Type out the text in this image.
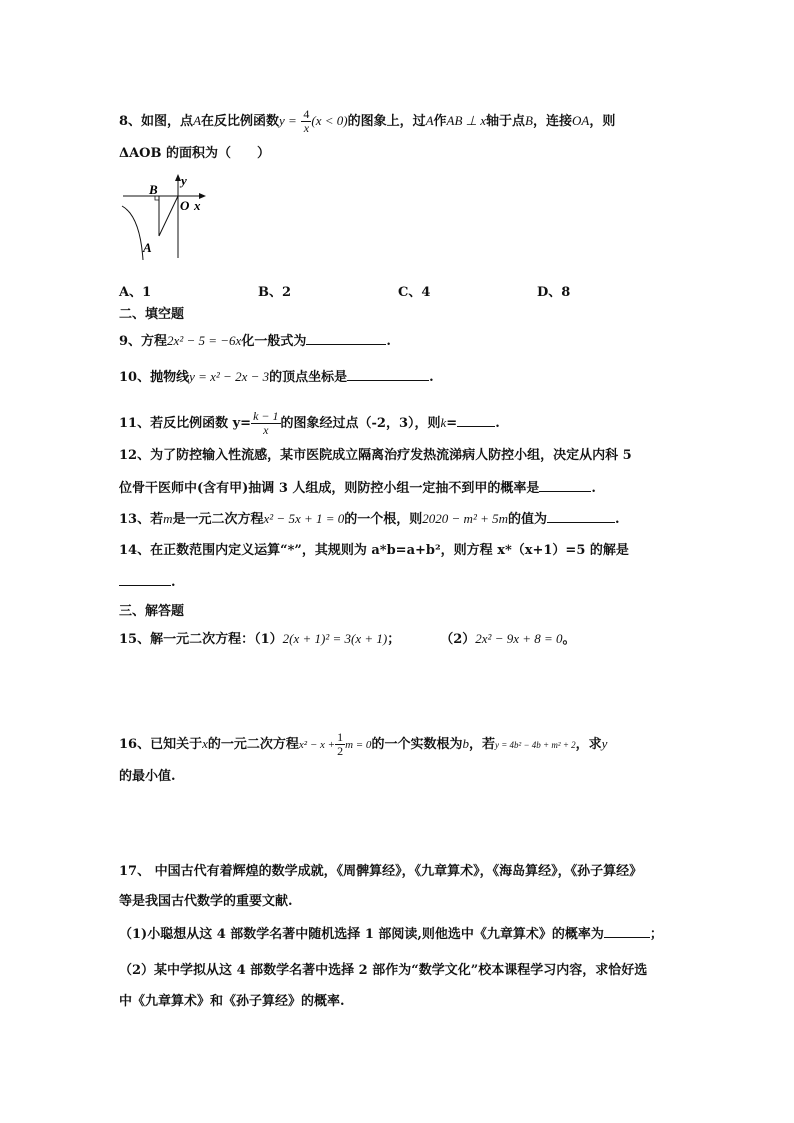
8、如图，点A在反比例函数$y = \frac{4}{x} (x < 0)$的图象上，过A作AB ⊥ x轴于点B，连接OA，则
ΔAOB 的面积为（　　）
B
y
O x
A
A、1	B、2	C、4	D、8
二、填空题
9、方程2x² − 5 = −6x化一般式为	.
10、抛物线y = x² − 2x − 3的顶点坐标是	.
11、若反比例函数 $y= \frac{k - 1}{x}$ 的图象经过点（-2，3），则k=	.
12、为了防控输入性流感，某市医院成立隔离治疗发热流涕病人防控小组，决定从内科 5
位骨干医师中(含有甲)抽调 3 人组成，则防控小组一定抽不到甲的概率是	.
13、若m是一元二次方程x² − 5x + 1 = 0的一个根，则2020 − m² + 5m的值为	.
14、在正数范围内定义运算“*”，其规则为 a*b=a+b²，则方程 x*（x+1）=5 的解是
.
三、解答题
15、解一元二次方程：（1）2(x + 1)² = 3(x + 1)；	（2）2x² − 9x + 8 = 0。
16、已知关于x的一元二次方程$x^2 - x + \frac{1}{2}$ m = 0的一个实数根为b，若y = 4b² − 4b + m² + 2，求y
的最小值.
17、 中国古代有着辉煌的数学成就，《周髀算经》，《九章算术》，《海岛算经》，《孙子算经》
等是我国古代数学的重要文献.
（1)小聪想从这 4 部数学名著中随机选择 1 部阅读,则他选中《九章算术》的概率为	；
（2）某中学拟从这 4 部数学名著中选择 2 部作为“数学文化”校本课程学习内容，求恰好选
中《九章算术》和《孙子算经》的概率.
